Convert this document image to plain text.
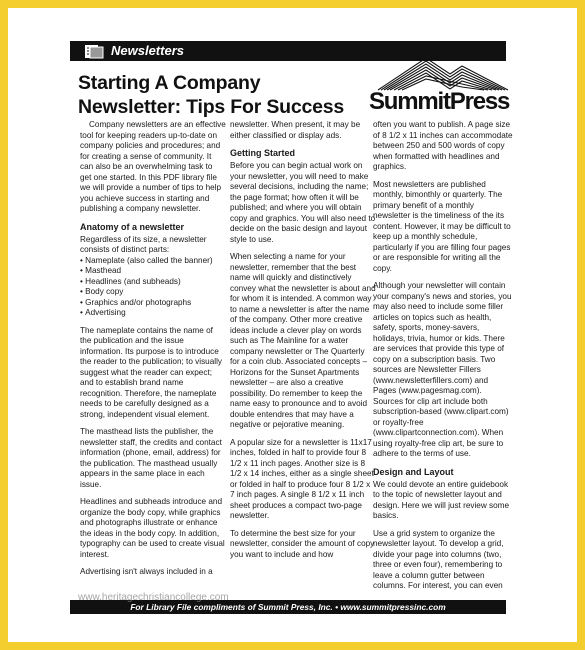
Newsletters
Starting A Company
Newsletter: Tips For Success SummitPress

Company newsletters are an effective tool for keeping readers up-to-date on company policies and procedures; and for creating a sense of community. It can also be an overwhelming task to get one started. In this PDF library file we will provide a number of tips to help you achieve success in starting and publishing a company newsletter.

Anatomy of a newsletter

Regardless of its size, a newsletter consists of distinct parts:

• Nameplate (also called the banner)
• Masthead
• Headlines (and subheads)
• Body copy
• Graphics and/or photographs
• Advertising

The nameplate contains the name of the publication and the issue information. Its purpose is to introduce the reader to the publication; to visually suggest what the reader can expect; and to establish brand name recognition. Therefore, the nameplate needs to be carefully designed as a strong, independent visual element.

The masthead lists the publisher, the newsletter staff, the credits and contact information (phone, email, address) for the publication. The masthead usually appears in the same place in each issue.

Headlines and subheads introduce and organize the body copy, while graphics and photographs illustrate or enhance the ideas in the body copy. In addition, typography can be used to create visual interest.

Advertising isn't always included in a

newsletter. When present, it may be either classified or display ads.

Getting Started

Before you can begin actual work on your newsletter, you will need to make several decisions, including the name; the page format; how often it will be published; and where you will obtain copy and graphics. You will also need to decide on the basic design and layout style to use.

When selecting a name for your newsletter, remember that the best name will quickly and distinctively convey what the newsletter is about and for whom it is intended. A common way to name a newsletter is after the name of the company. Other more creative ideas include a clever play on words such as The Mainline for a water company newsletter or The Quarterly for a coin club. Associated concepts – Horizons for the Sunset Apartments newsletter – are also a creative possibility. Do remember to keep the name easy to pronounce and to avoid double entendres that may have a negative or pejorative meaning.

A popular size for a newsletter is 11x17 inches, folded in half to provide four 8 1/2 x 11 inch pages. Another size is 8 1/2 x 14 inches, either as a single sheet or folded in half to produce four 8 1/2 x 7 inch pages. A single 8 1/2 x 11 inch sheet produces a compact two-page newsletter.

To determine the best size for your newsletter, consider the amount of copy you want to include and how

often you want to publish. A page size of 8 1/2 x 11 inches can accommodate between 250 and 500 words of copy when formatted with headlines and graphics.

Most newsletters are published monthly, bimonthly or quarterly. The primary benefit of a monthly newsletter is the timeliness of the its content. However, it may be difficult to keep up a monthly schedule, particularly if you are filling four pages or are responsible for writing all the copy.

Although your newsletter will contain your company's news and stories, you may also need to include some filler articles on topics such as health, safety, sports, money-savers, holidays, trivia, humor or kids. There are services that provide this type of copy on a subscription basis. Two sources are Newsletter Fillers (www.newsletterfillers.com) and Pages (www.pagesmag.com). Sources for clip art include both subscription-based (www.clipart.com) or royalty-free (www.clipartconnection.com). When using royalty-free clip art, be sure to adhere to the terms of use.

Design and Layout

We could devote an entire guidebook to the topic of newsletter layout and design. Here we will just review some basics.

Use a grid system to organize the newsletter layout. To develop a grid, divide your page into columns (two, three or even four), remembering to leave a column gutter between columns. For interest, you can even

For Library File compliments of Summit Press, Inc. • www.summitpressinc.com
www.heritagechristiancollege.com
